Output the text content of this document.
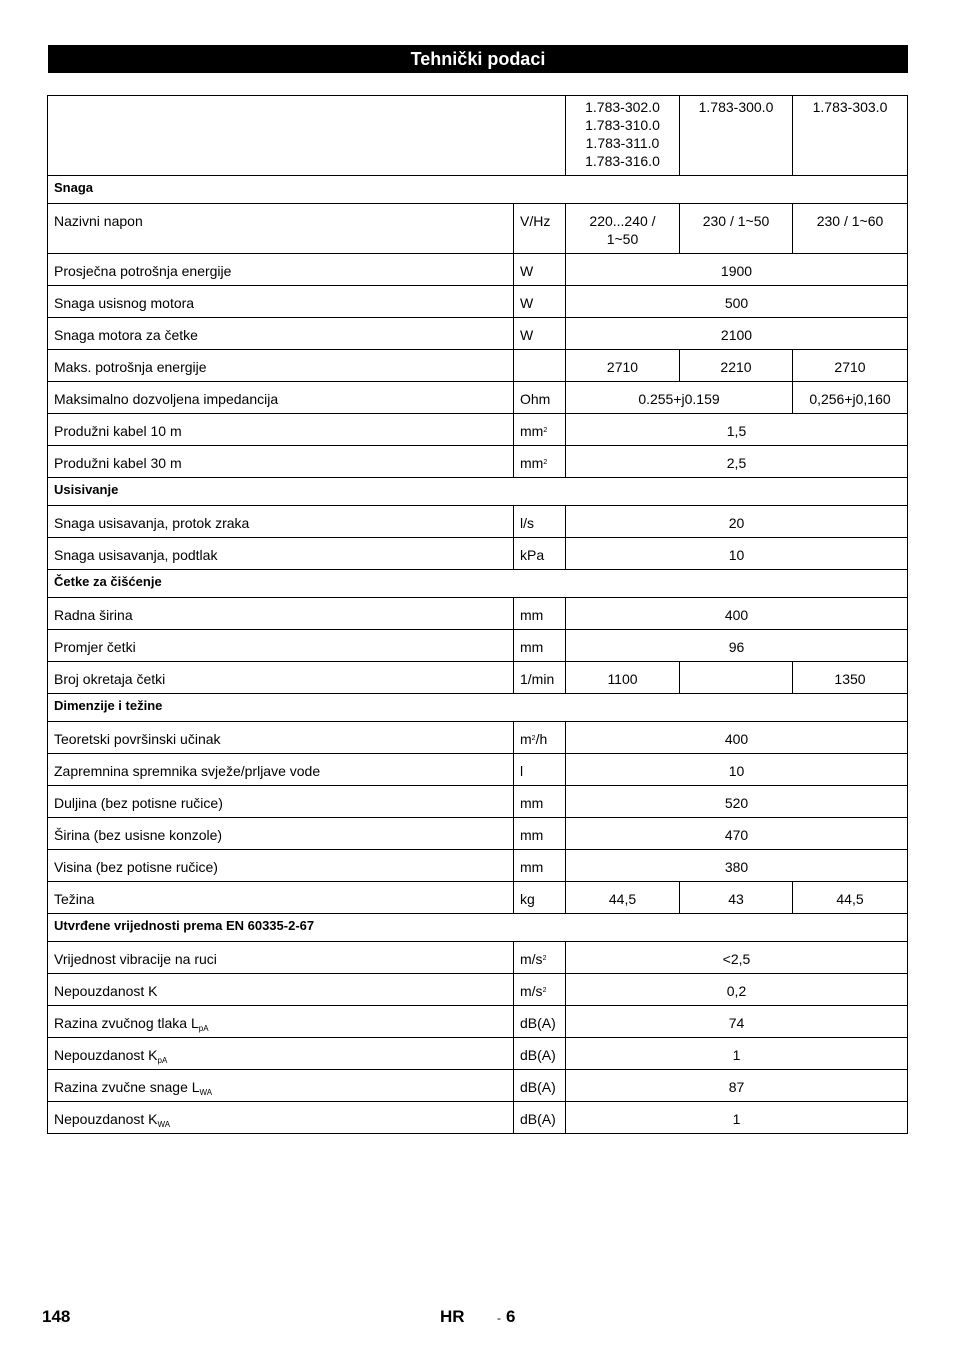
Tehnički podaci
		1.783-302.0
1.783-310.0
1.783-311.0
1.783-316.0	1.783-300.0	1.783-303.0
Snaga				
Nazivni napon	V/Hz	220...240 / 1~50	230 / 1~50	230 / 1~60
Prosječna potrošnja energije	W	1900		
Snaga usisnog motora	W	500		
Snaga motora za četke	W	2100		
Maks. potrošnja energije		2710	2210	2710
Maksimalno dozvoljena impedancija	Ohm	0.255+j0.159		0,256+j0,160
Produžni kabel 10 m	$mm^2$	1,5		
Produžni kabel 30 m	$mm^2$	2,5		
Usisivanje				
Snaga usisavanja, protok zraka	l/s	20		
Snaga usisavanja, podtlak	kPa	10		
Četke za čišćenje				
Radna širina	mm	400		
Promjer četki	mm	96		
Broj okretaja četki	1/min	1100		1350
Dimenzije i težine				
Teoretski površinski učinak	$m^2/h$	400		
Zapremnina spremnika svježe/prljave vode	l	10		
Duljina (bez potisne ručice)	mm	520		
Širina (bez usisne konzole)	mm	470		
Visina (bez potisne ručice)	mm	380		
Težina	kg	44,5	43	44,5
Utvrđene vrijednosti prema EN 60335-2-67				
Vrijednost vibracije na ruci	$m/s^2$	<2,5		
Nepouzdanost K	$m/s^2$	0,2		
Razina zvučnog tlaka $L_{pA}$	dB(A)	74		
Nepouzdanost $K_{pA}$	dB(A)	1		
Razina zvučne snage $L_{WA}$	dB(A)	87		
Nepouzdanost $K_{WA}$	dB(A)	1		
148	HR	- 6
